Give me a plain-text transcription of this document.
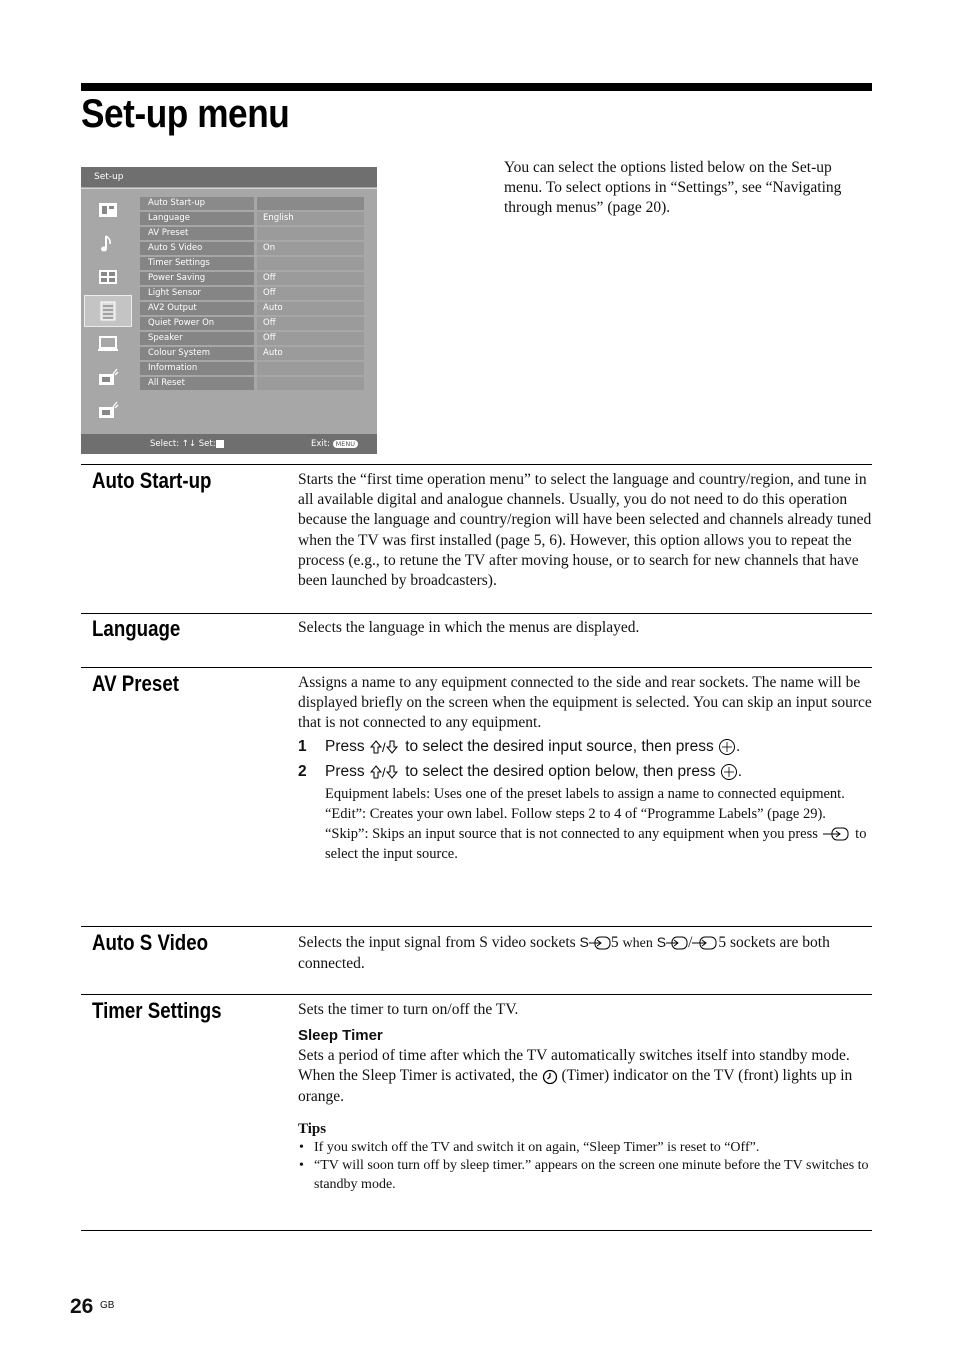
Set-up menu
Set-up
Auto Start-up
Language	English
AV Preset
Auto S Video	On
Timer Settings
Power Saving	Off
Light Sensor	Off
AV2 Output	Auto
Quiet Power On	Off
Speaker	Off
Colour System	Auto
Information
All Reset
Select: ↑↓ Set:	Exit: MENU
You can select the options listed below on the Set-up menu. To select options in “Settings”, see “Navigating through menus” (page 20).
Auto Start-up	Starts the “first time operation menu” to select the language and country/region, and tune in all available digital and analogue channels. Usually, you do not need to do this operation because the language and country/region will have been selected and channels already tuned when the TV was first installed (page 5, 6). However, this option allows you to repeat the process (e.g., to retune the TV after moving house, or to search for new channels that have been launched by broadcasters).

Language	Selects the language in which the menus are displayed.

AV Preset	Assigns a name to any equipment connected to the side and rear sockets. The name will be displayed briefly on the screen when the equipment is selected. You can skip an input source that is not connected to any equipment.

1 Press / to select the desired input source, then press .
2 Press / to select the desired option below, then press .

Equipment labels: Uses one of the preset labels to assign a name to connected equipment.

“Edit”: Creates your own label. Follow steps 2 to 4 of “Programme Labels” (page 29).

“Skip”: Skips an input source that is not connected to any equipment when you press	to select the input source.

Auto S Video	Selects the input signal from S video sockets S 5 when S / 5 sockets are both connected.

Timer Settings	Sets the timer to turn on/off the TV.

Sleep Timer

Sets a period of time after which the TV automatically switches itself into standby mode.

When the Sleep Timer is activated, the (Timer) indicator on the TV (front) lights up in orange.

Tips

• If you switch off the TV and switch it on again, “Sleep Timer” is reset to “Off”.
• “TV will soon turn off by sleep timer.” appears on the screen one minute before the TV switches to standby mode.
26 GB
